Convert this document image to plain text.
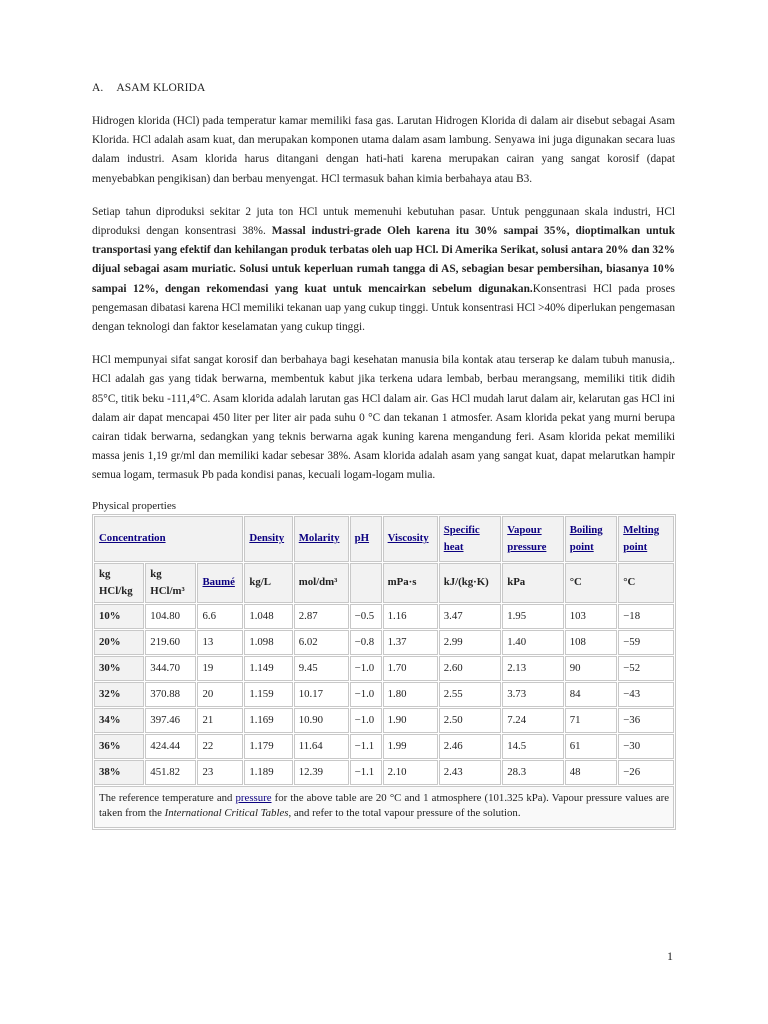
A. ASAM KLORIDA

Hidrogen klorida (HCl) pada temperatur kamar memiliki fasa gas. Larutan Hidrogen Klorida di dalam air disebut sebagai Asam Klorida. HCl adalah asam kuat, dan merupakan komponen utama dalam asam lambung. Senyawa ini juga digunakan secara luas dalam industri. Asam klorida harus ditangani dengan hati-hati karena merupakan cairan yang sangat korosif (dapat menyebabkan pengikisan) dan berbau menyengat. HCl termasuk bahan kimia berbahaya atau B3.

Setiap tahun diproduksi sekitar 2 juta ton HCl untuk memenuhi kebutuhan pasar. Untuk penggunaan skala industri, HCl diproduksi dengan konsentrasi 38%. Massal industri-grade Oleh karena itu 30% sampai 35%, dioptimalkan untuk transportasi yang efektif dan kehilangan produk terbatas oleh uap HCl. Di Amerika Serikat, solusi antara 20% dan 32% dijual sebagai asam muriatic. Solusi untuk keperluan rumah tangga di AS, sebagian besar pembersihan, biasanya 10% sampai 12%, dengan rekomendasi yang kuat untuk mencairkan sebelum digunakan.Konsentrasi HCl pada proses pengemasan dibatasi karena HCl memiliki tekanan uap yang cukup tinggi. Untuk konsentrasi HCl >40% diperlukan pengemasan dengan teknologi dan faktor keselamatan yang cukup tinggi.

HCl mempunyai sifat sangat korosif dan berbahaya bagi kesehatan manusia bila kontak atau terserap ke dalam tubuh manusia,. HCl adalah gas yang tidak berwarna, membentuk kabut jika terkena udara lembab, berbau merangsang, memiliki titik didih 85°C, titik beku -111,4°C. Asam klorida adalah larutan gas HCl dalam air. Gas HCl mudah larut dalam air, kelarutan gas HCl ini dalam air dapat mencapai 450 liter per liter air pada suhu 0 °C dan tekanan 1 atmosfer. Asam klorida pekat yang murni berupa cairan tidak berwarna, sedangkan yang teknis berwarna agak kuning karena mengandung feri. Asam klorida pekat memiliki massa jenis 1,19 gr/ml dan memiliki kadar sebesar 38%. Asam klorida adalah asam yang sangat kuat, dapat melarutkan hampir semua logam, termasuk Pb pada kondisi panas, kecuali logam-logam mulia.

Physical properties
Concentration			Density	Molarity	pH	Viscosity	Specific heat	Vapour pressure	Boiling point	Melting point
kg HCl/kg	kg HCl/m³	Baumé	kg/L	mol/dm³		mPa·s	kJ/(kg·K)	kPa	°C	°C
10%	104.80	6.6	1.048	2.87	−0.5	1.16	3.47	1.95	103	−18
20%	219.60	13	1.098	6.02	−0.8	1.37	2.99	1.40	108	−59
30%	344.70	19	1.149	9.45	−1.0	1.70	2.60	2.13	90	−52
32%	370.88	20	1.159	10.17	−1.0	1.80	2.55	3.73	84	−43
34%	397.46	21	1.169	10.90	−1.0	1.90	2.50	7.24	71	−36
36%	424.44	22	1.179	11.64	−1.1	1.99	2.46	14.5	61	−30
38%	451.82	23	1.189	12.39	−1.1	2.10	2.43	28.3	48	−26
The reference temperature and pressure for the above table are 20 °C and 1 atmosphere (101.325 kPa). Vapour pressure values are taken from the International Critical Tables, and refer to the total vapour pressure of the solution.										
1
